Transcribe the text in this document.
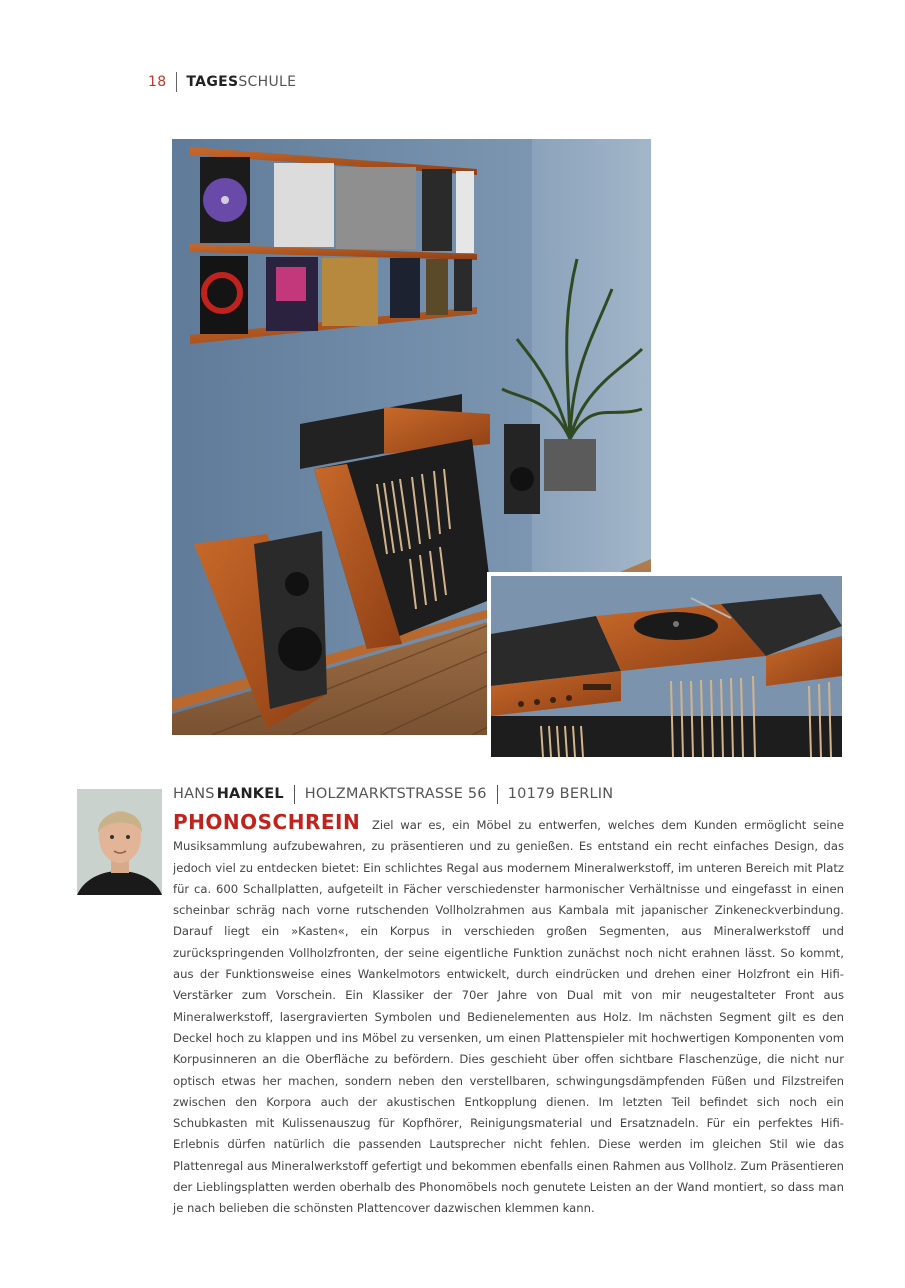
18 TAGES SCHULE
HANS HANKEL HOLZMARKTSTRASSE 56 10179 BERLIN
PHONOSCHREIN Ziel war es, ein Möbel zu entwerfen, welches dem Kunden ermöglicht seine Musiksammlung aufzubewahren, zu präsentieren und zu genießen. Es entstand ein recht einfaches Design, das jedoch viel zu entdecken bietet: Ein schlichtes Regal aus modernem Mineralwerkstoff, im unteren Bereich mit Platz für ca. 600 Schallplatten, aufgeteilt in Fächer verschiedenster harmonischer Verhältnisse und eingefasst in einen scheinbar schräg nach vorne rutschenden Vollholzrahmen aus Kambala mit japanischer Zinkeneckverbindung. Darauf liegt ein »Kasten«, ein Korpus in verschieden großen Segmenten, aus Mineralwerkstoff und zurückspringenden Vollholzfronten, der seine eigentliche Funktion zunächst noch nicht erahnen lässt. So kommt, aus der Funktionsweise eines Wankelmotors entwickelt, durch eindrücken und drehen einer Holzfront ein Hifi-Verstärker zum Vorschein. Ein Klassiker der 70er Jahre von Dual mit von mir neugestalteter Front aus Mineralwerkstoff, lasergravierten Symbolen und Bedienelementen aus Holz. Im nächsten Segment gilt es den Deckel hoch zu klappen und ins Möbel zu versenken, um einen Plattenspieler mit hochwertigen Komponenten vom Korpusinneren an die Oberfläche zu befördern. Dies geschieht über offen sichtbare Flaschenzüge, die nicht nur optisch etwas her machen, sondern neben den verstellbaren, schwingungsdämpfenden Füßen und Filzstreifen zwischen den Korpora auch der akustischen Entkopplung dienen. Im letzten Teil befindet sich noch ein Schubkasten mit Kulissenauszug für Kopfhörer, Reinigungsmaterial und Ersatznadeln. Für ein perfektes Hifi-Erlebnis dürfen natürlich die passenden Lautsprecher nicht fehlen. Diese werden im gleichen Stil wie das Plattenregal aus Mineralwerkstoff gefertigt und bekommen ebenfalls einen Rahmen aus Vollholz. Zum Präsentieren der Lieblingsplatten werden oberhalb des Phonomöbels noch genutete Leisten an der Wand montiert, so dass man je nach belieben die schönsten Plattencover dazwischen klemmen kann.
